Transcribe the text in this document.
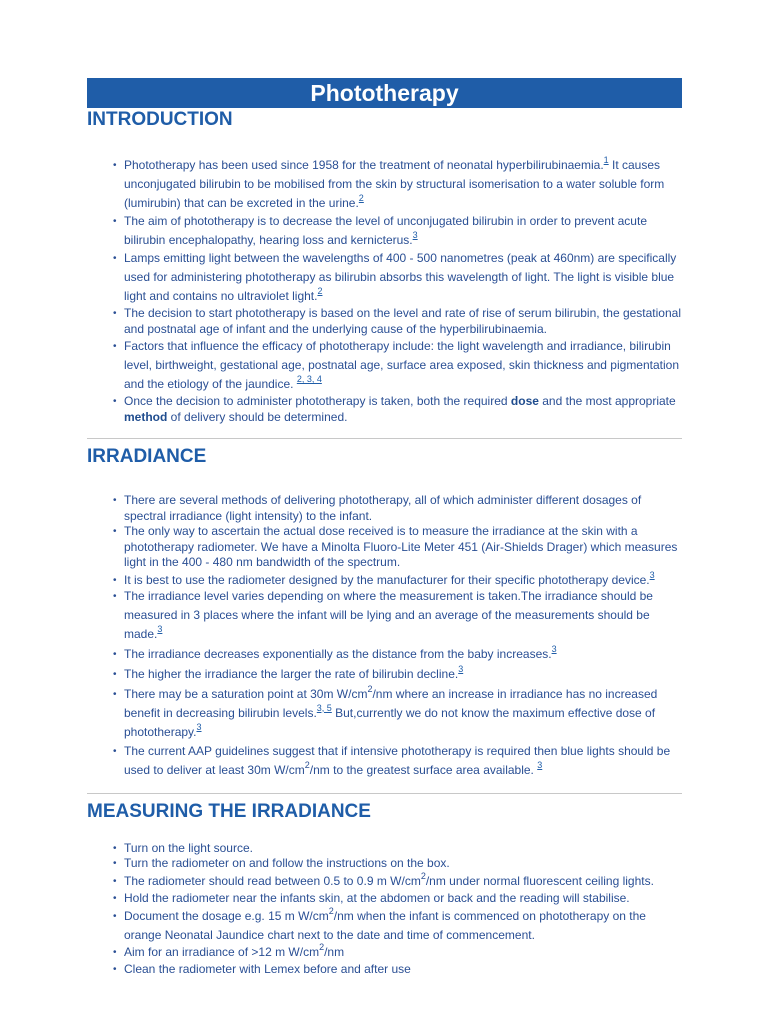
Phototherapy
INTRODUCTION
• Phototherapy has been used since 1958 for the treatment of neonatal hyperbilirubinaemia.$^1$ It causes unconjugated bilirubin to be mobilised from the skin by structural isomerisation to a water soluble form (lumirubin) that can be excreted in the urine.$^2$
• The aim of phototherapy is to decrease the level of unconjugated bilirubin in order to prevent acute bilirubin encephalopathy, hearing loss and kernicterus.$^3$
• Lamps emitting light between the wavelengths of 400 - 500 nanometres (peak at 460nm) are specifically used for administering phototherapy as bilirubin absorbs this wavelength of light. The light is visible blue light and contains no ultraviolet light.$^2$
• The decision to start phototherapy is based on the level and rate of rise of serum bilirubin, the gestational and postnatal age of infant and the underlying cause of the hyperbilirubinaemia.
• Factors that influence the efficacy of phototherapy include: the light wavelength and irradiance, bilirubin level, birthweight, gestational age, postnatal age, surface area exposed, skin thickness and pigmentation and the etiology of the jaundice. $^{2, 3, 4}$
• Once the decision to administer phototherapy is taken, both the required dose and the most appropriate method of delivery should be determined.
IRRADIANCE
• There are several methods of delivering phototherapy, all of which administer different dosages of spectral irradiance (light intensity) to the infant.
• The only way to ascertain the actual dose received is to measure the irradiance at the skin with a phototherapy radiometer. We have a Minolta Fluoro-Lite Meter 451 (Air-Shields Drager) which measures light in the 400 - 480 nm bandwidth of the spectrum.
• It is best to use the radiometer designed by the manufacturer for their specific phototherapy device.$^3$
• The irradiance level varies depending on where the measurement is taken.The irradiance should be measured in 3 places where the infant will be lying and an average of the measurements should be made.$^3$
• The irradiance decreases exponentially as the distance from the baby increases.$^3$
• The higher the irradiance the larger the rate of bilirubin decline.$^3$
• There may be a saturation point at 30m $W/cm^2/nm$ where an increase in irradiance has no increased benefit in decreasing bilirubin levels.$^{3, 5}$ But,currently we do not know the maximum effective dose of phototherapy.$^3$
• The current AAP guidelines suggest that if intensive phototherapy is required then blue lights should be used to deliver at least 30m $W/cm^2/nm$ to the greatest surface area available. $^3$
MEASURING THE IRRADIANCE
• Turn on the light source.
• Turn the radiometer on and follow the instructions on the box.
• The radiometer should read between 0.5 to 0.9 m $W/cm^2/nm$ under normal fluorescent ceiling lights.
• Hold the radiometer near the infants skin, at the abdomen or back and the reading will stabilise.
• Document the dosage e.g. 15 m $W/cm^2/nm$ when the infant is commenced on phototherapy on the orange Neonatal Jaundice chart next to the date and time of commencement.
• Aim for an irradiance of >12 m $W/cm^2/nm$
• Clean the radiometer with Lemex before and after use
